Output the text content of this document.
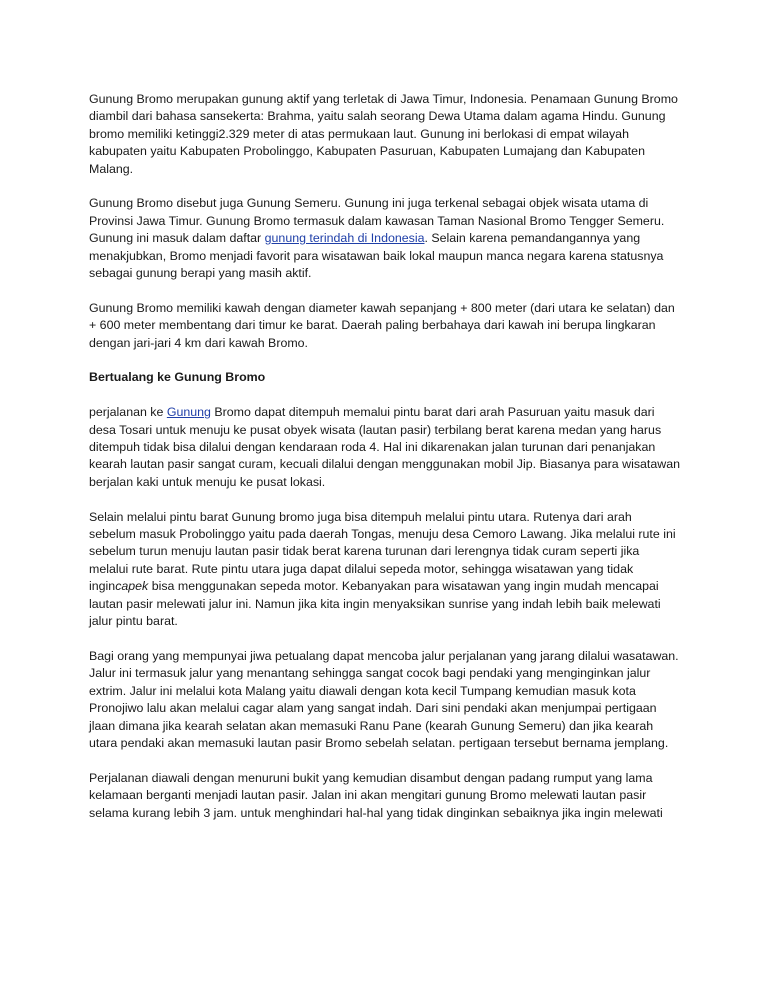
Gunung Bromo merupakan gunung aktif yang terletak di Jawa Timur, Indonesia. Penamaan Gunung Bromo diambil dari bahasa sansekerta: Brahma, yaitu salah seorang Dewa Utama dalam agama Hindu. Gunung bromo memiliki ketinggi2.329 meter di atas permukaan laut. Gunung ini berlokasi di empat wilayah kabupaten yaitu Kabupaten Probolinggo, Kabupaten Pasuruan, Kabupaten Lumajang dan Kabupaten Malang.

Gunung Bromo disebut juga Gunung Semeru. Gunung ini juga terkenal sebagai objek wisata utama di Provinsi Jawa Timur. Gunung Bromo termasuk dalam kawasan Taman Nasional Bromo Tengger Semeru. Gunung ini masuk dalam daftar gunung terindah di Indonesia. Selain karena pemandangannya yang menakjubkan, Bromo menjadi favorit para wisatawan baik lokal maupun manca negara karena statusnya sebagai gunung berapi yang masih aktif.

Gunung Bromo memiliki kawah dengan diameter kawah sepanjang + 800 meter (dari utara ke selatan) dan + 600 meter membentang dari timur ke barat. Daerah paling berbahaya dari kawah ini berupa lingkaran dengan jari-jari 4 km dari kawah Bromo.

Bertualang ke Gunung Bromo

perjalanan ke Gunung Bromo dapat ditempuh memalui pintu barat dari arah Pasuruan yaitu masuk dari desa Tosari untuk menuju ke pusat obyek wisata (lautan pasir) terbilang berat karena medan yang harus ditempuh tidak bisa dilalui dengan kendaraan roda 4. Hal ini dikarenakan jalan turunan dari penanjakan kearah lautan pasir sangat curam, kecuali dilalui dengan menggunakan mobil Jip. Biasanya para wisatawan berjalan kaki untuk menuju ke pusat lokasi.

Selain melalui pintu barat Gunung bromo juga bisa ditempuh melalui pintu utara. Rutenya dari arah sebelum masuk Probolinggo yaitu pada daerah Tongas, menuju desa Cemoro Lawang. Jika melalui rute ini sebelum turun menuju lautan pasir tidak berat karena turunan dari lerengnya tidak curam seperti jika melalui rute barat. Rute pintu utara juga dapat dilalui sepeda motor, sehingga wisatawan yang tidak ingincapek bisa menggunakan sepeda motor. Kebanyakan para wisatawan yang ingin mudah mencapai lautan pasir melewati jalur ini. Namun jika kita ingin menyaksikan sunrise yang indah lebih baik melewati jalur pintu barat.

Bagi orang yang mempunyai jiwa petualang dapat mencoba jalur perjalanan yang jarang dilalui wasatawan. Jalur ini termasuk jalur yang menantang sehingga sangat cocok bagi pendaki yang menginginkan jalur extrim. Jalur ini melalui kota Malang yaitu diawali dengan kota kecil Tumpang kemudian masuk kota Pronojiwo lalu akan melalui cagar alam yang sangat indah. Dari sini pendaki akan menjumpai pertigaan jlaan dimana jika kearah selatan akan memasuki Ranu Pane (kearah Gunung Semeru) dan jika kearah utara pendaki akan memasuki lautan pasir Bromo sebelah selatan. pertigaan tersebut bernama jemplang.

Perjalanan diawali dengan menuruni bukit yang kemudian disambut dengan padang rumput yang lama kelamaan berganti menjadi lautan pasir. Jalan ini akan mengitari gunung Bromo melewati lautan pasir selama kurang lebih 3 jam. untuk menghindari hal-hal yang tidak dinginkan sebaiknya jika ingin melewati
